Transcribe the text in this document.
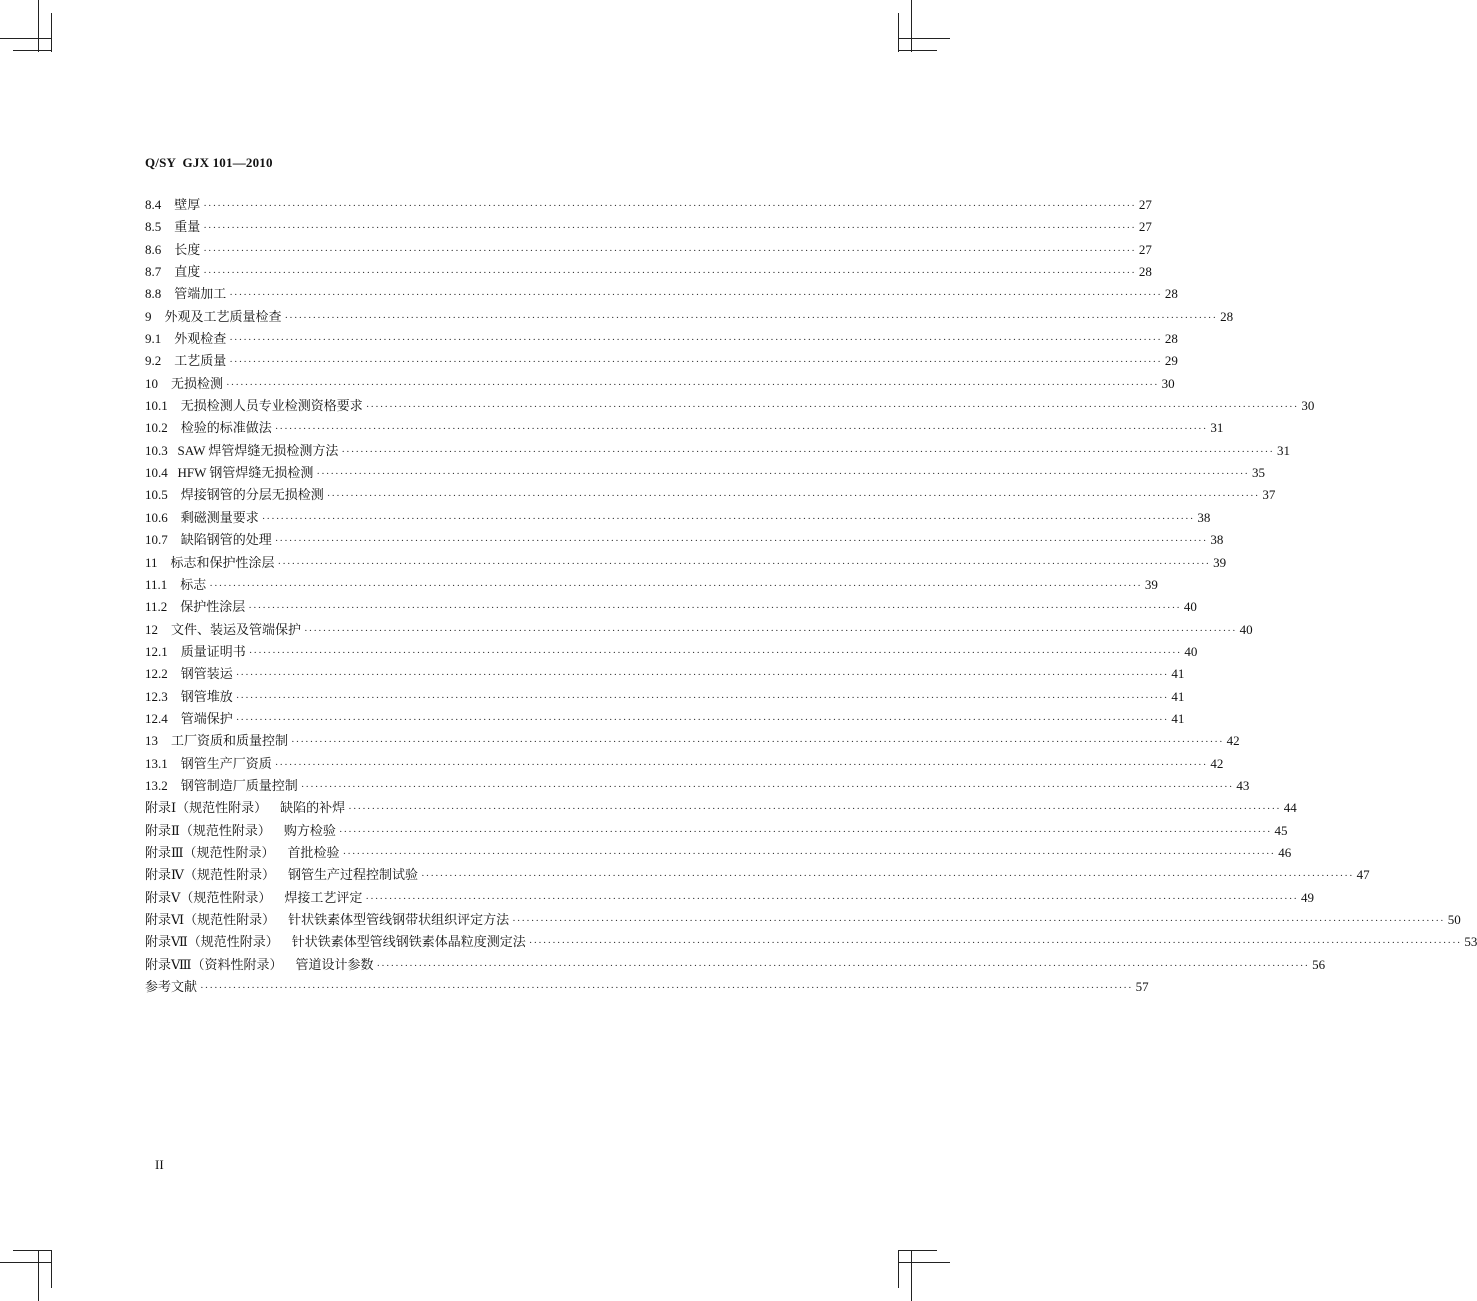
Q/SY  GJX 101—2010
8.4
壁厚 ········································································································································································································ 27
8.5
重量 ········································································································································································································ 27
8.6
长度 ········································································································································································································ 27
8.7
直度 ········································································································································································································ 28
8.8
管端加工 ········································································································································································································ 28
9
外观及工艺质量检查 ········································································································································································································ 28
9.1
外观检查 ········································································································································································································ 28
9.2
工艺质量 ········································································································································································································ 29
10
无损检测 ········································································································································································································ 30
10.1
无损检测人员专业检测资格要求 ········································································································································································································ 30
10.2
检验的标准做法 ········································································································································································································ 31
10.3
SAW 焊管焊缝无损检测方法 ········································································································································································································ 31
10.4
HFW 钢管焊缝无损检测 ········································································································································································································ 35
10.5
焊接钢管的分层无损检测 ········································································································································································································ 37
10.6
剩磁测量要求 ········································································································································································································ 38
10.7
缺陷钢管的处理 ········································································································································································································ 38
11
标志和保护性涂层 ········································································································································································································ 39
11.1
标志 ········································································································································································································ 39
11.2
保护性涂层 ········································································································································································································ 40
12
文件、装运及管端保护 ········································································································································································································ 40
12.1
质量证明书 ········································································································································································································ 40
12.2
钢管装运 ········································································································································································································ 41
12.3
钢管堆放 ········································································································································································································ 41
12.4
管端保护 ········································································································································································································ 41
13
工厂资质和质量控制 ········································································································································································································ 42
13.1
钢管生产厂资质 ········································································································································································································ 42
13.2
钢管制造厂质量控制 ········································································································································································································ 43
附录Ⅰ（规范性附录）
缺陷的补焊 ········································································································································································································ 44
附录Ⅱ（规范性附录）
购方检验 ········································································································································································································ 45
附录Ⅲ（规范性附录）
首批检验 ········································································································································································································ 46
附录Ⅳ（规范性附录）
钢管生产过程控制试验 ········································································································································································································ 47
附录Ⅴ（规范性附录）
焊接工艺评定 ········································································································································································································ 49
附录Ⅵ（规范性附录）
针状铁素体型管线钢带状组织评定方法 ········································································································································································································ 50
附录Ⅶ（规范性附录）
针状铁素体型管线钢铁素体晶粒度测定法 ········································································································································································································ 53
附录Ⅷ（资料性附录）
管道设计参数 ········································································································································································································ 56
参考文献 ········································································································································································································ 57
II
